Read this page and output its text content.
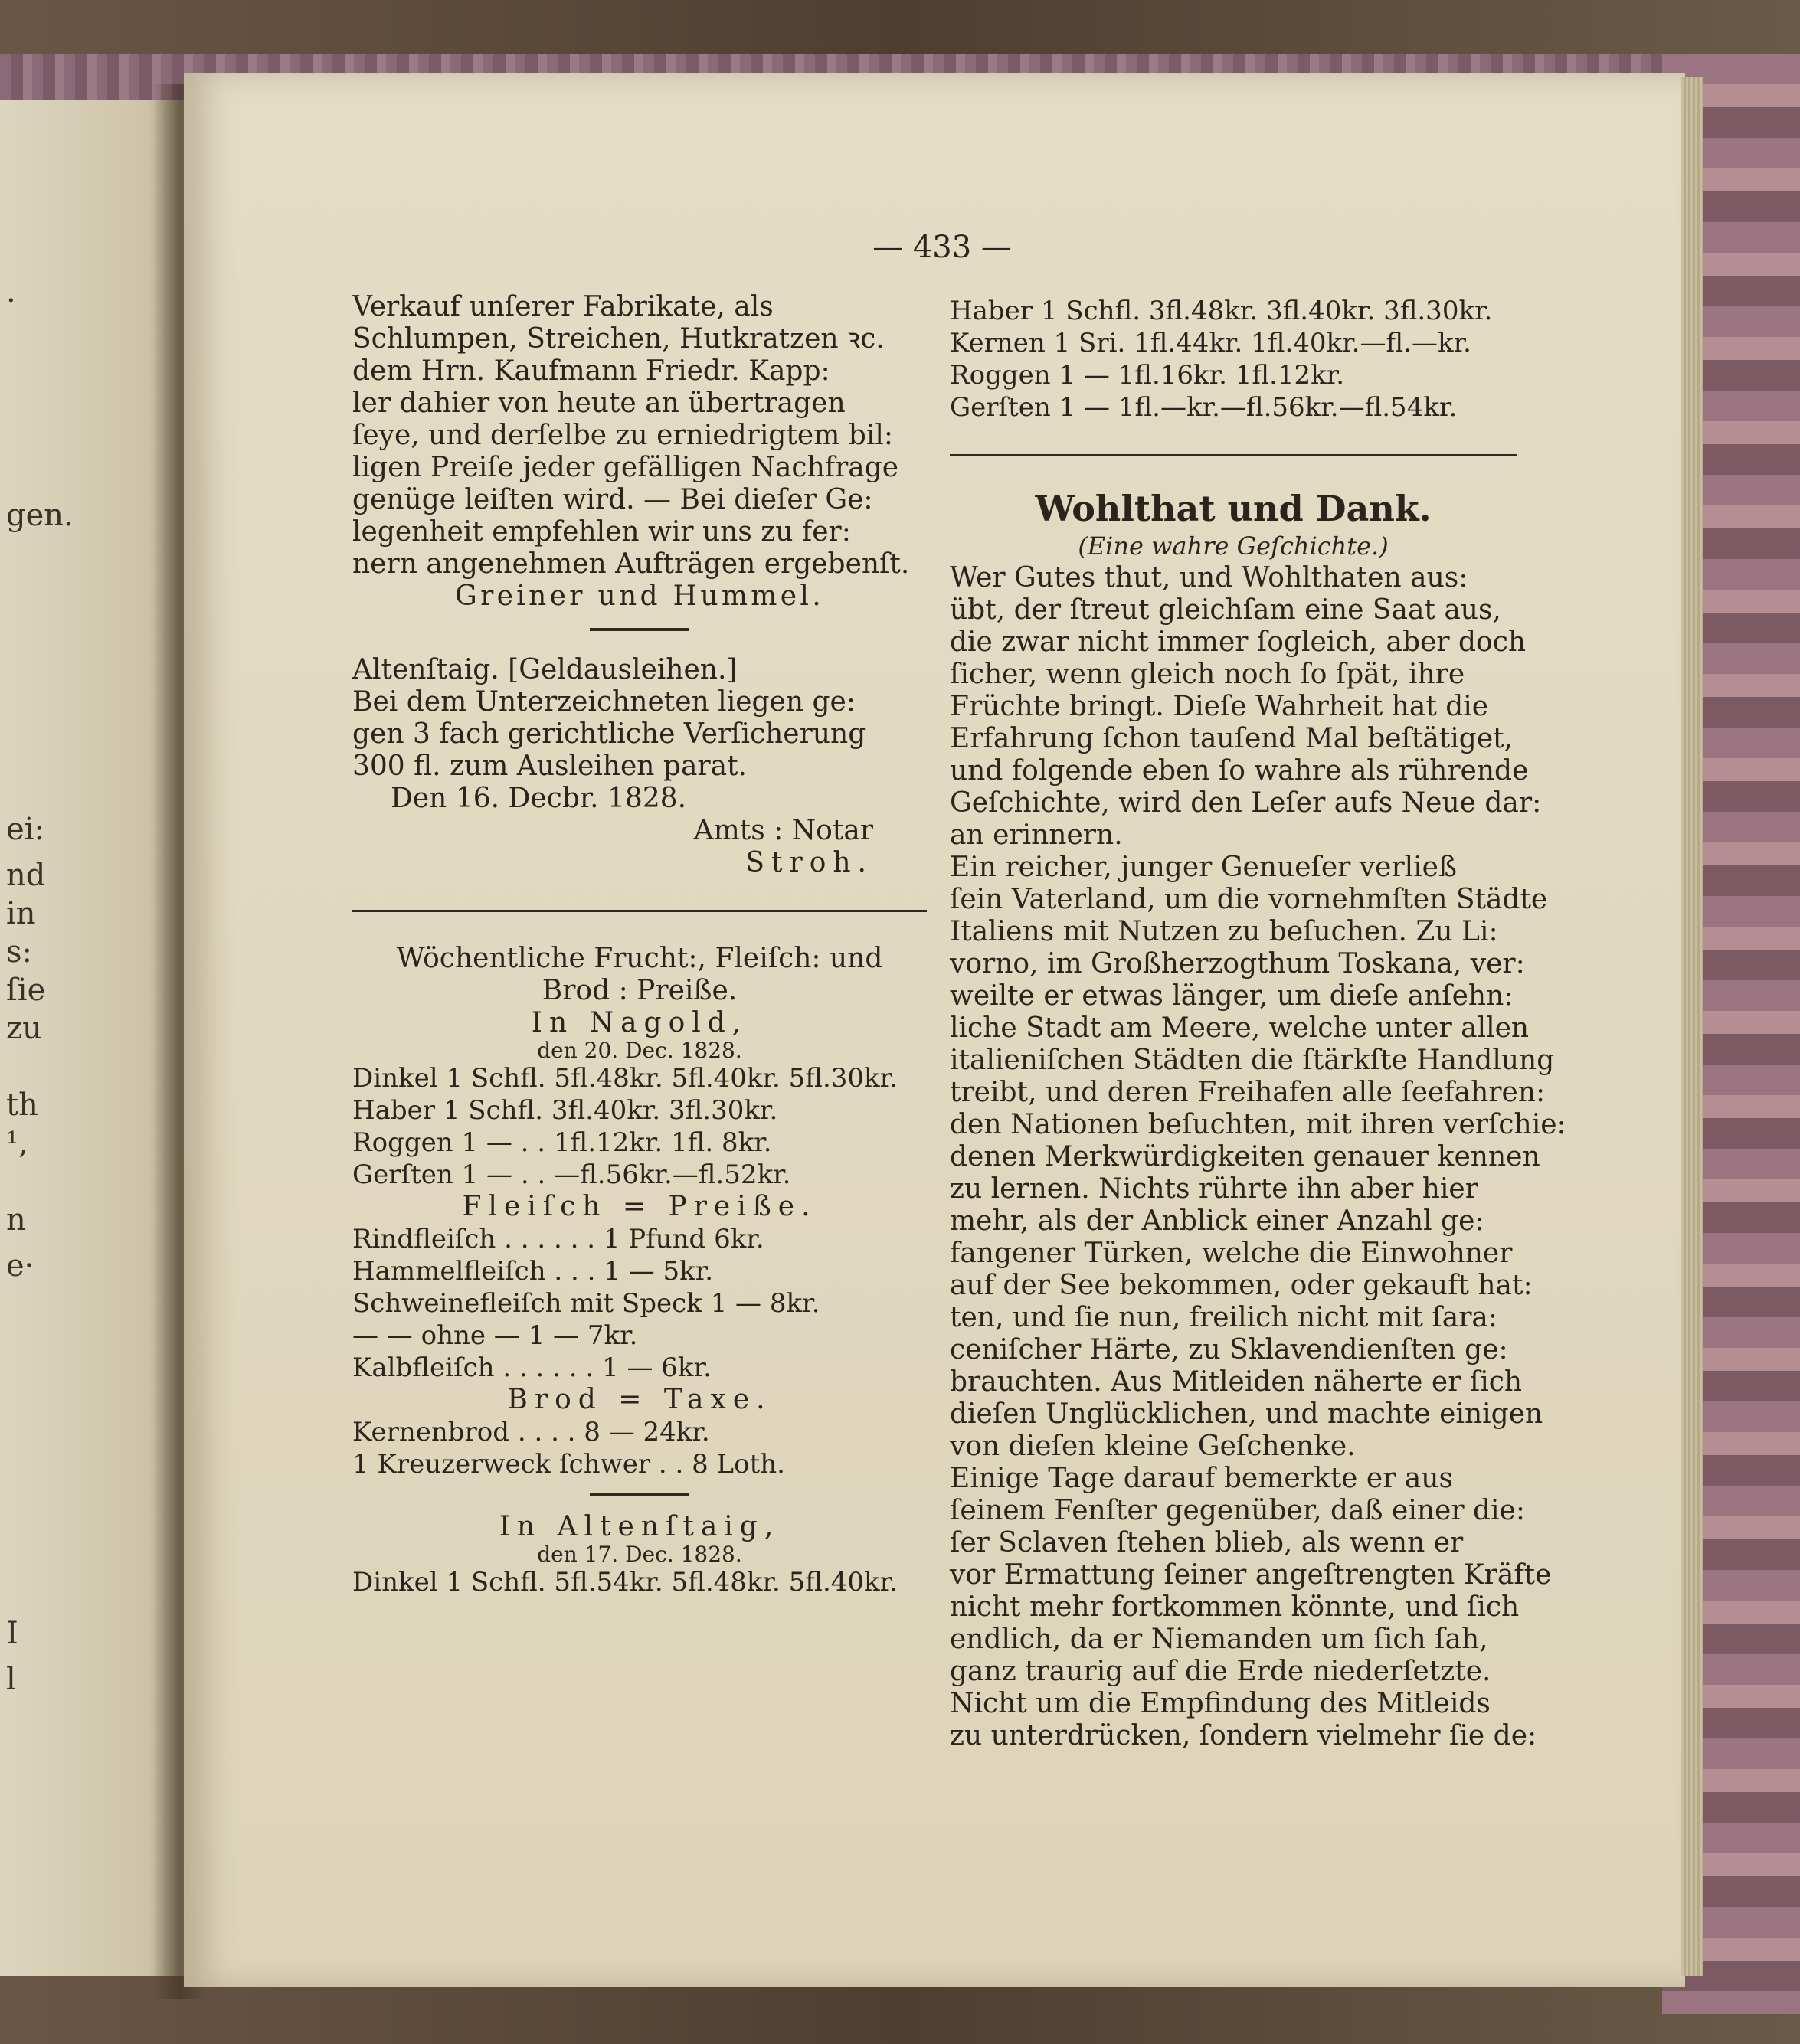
·
gen.
ei:
nd
in
s:
ſie
zu
th
¹,
n
e·
I
l
— 433 —

Verkauf unſerer Fabrikate, als

Schlumpen, Streichen, Hutkratzen ꝛc.

dem Hrn. Kaufmann Friedr. Kapp:

ler dahier von heute an übertragen

ſeye, und derſelbe zu erniedrigtem bil:

ligen Preiſe jeder gefälligen Nachfrage

genüge leiſten wird. — Bei dieſer Ge:

legenheit empfehlen wir uns zu fer:

nern angenehmen Aufträgen ergebenſt.

Greiner und Hummel.

Altenſtaig. [Geldausleihen.]

Bei dem Unterzeichneten liegen ge:

gen 3 fach gerichtliche Verſicherung

300 fl. zum Ausleihen parat.

Den 16. Decbr. 1828.

Amts : Notar

Stroh.

Wöchentliche Frucht:, Fleiſch: und

Brod : Preiße.

In Nagold,

den 20. Dec. 1828.

Dinkel 1 Schfl. 5fl.48kr. 5fl.40kr. 5fl.30kr.

Haber 1 Schfl. 3fl.40kr. 3fl.30kr.

Roggen 1 — . . 1fl.12kr. 1fl. 8kr.

Gerſten 1 — . . —fl.56kr.—fl.52kr.

Fleiſch = Preiße.

Rindfleiſch . . . . . . 1 Pfund 6kr.

Hammelfleiſch . . . 1 — 5kr.

Schweinefleiſch mit Speck 1 — 8kr.

— — ohne — 1 — 7kr.

Kalbfleiſch . . . . . . 1 — 6kr.

Brod = Taxe.

Kernenbrod . . . . 8 — 24kr.

1 Kreuzerweck ſchwer . . 8 Loth.

In Altenſtaig,

den 17. Dec. 1828.

Dinkel 1 Schfl. 5fl.54kr. 5fl.48kr. 5fl.40kr.

Haber 1 Schfl. 3fl.48kr. 3fl.40kr. 3fl.30kr.

Kernen 1 Sri. 1fl.44kr. 1fl.40kr.—fl.—kr.

Roggen 1 — 1fl.16kr. 1fl.12kr.

Gerſten 1 — 1fl.—kr.—fl.56kr.—fl.54kr.

Wohlthat und Dank.

(Eine wahre Geſchichte.)

Wer Gutes thut, und Wohlthaten aus:

übt, der ſtreut gleichſam eine Saat aus,

die zwar nicht immer ſogleich, aber doch

ſicher, wenn gleich noch ſo ſpät, ihre

Früchte bringt. Dieſe Wahrheit hat die

Erfahrung ſchon tauſend Mal beſtätiget,

und folgende eben ſo wahre als rührende

Geſchichte, wird den Leſer aufs Neue dar:

an erinnern.

Ein reicher, junger Genueſer verließ

ſein Vaterland, um die vornehmſten Städte

Italiens mit Nutzen zu beſuchen. Zu Li:

vorno, im Großherzogthum Toskana, ver:

weilte er etwas länger, um dieſe anſehn:

liche Stadt am Meere, welche unter allen

italieniſchen Städten die ſtärkſte Handlung

treibt, und deren Freihafen alle ſeefahren:

den Nationen beſuchten, mit ihren verſchie:

denen Merkwürdigkeiten genauer kennen

zu lernen. Nichts rührte ihn aber hier

mehr, als der Anblick einer Anzahl ge:

fangener Türken, welche die Einwohner

auf der See bekommen, oder gekauft hat:

ten, und ſie nun, freilich nicht mit ſara:

ceniſcher Härte, zu Sklavendienſten ge:

brauchten. Aus Mitleiden näherte er ſich

dieſen Unglücklichen, und machte einigen

von dieſen kleine Geſchenke.

Einige Tage darauf bemerkte er aus

ſeinem Fenſter gegenüber, daß einer die:

ſer Sclaven ſtehen blieb, als wenn er

vor Ermattung ſeiner angeſtrengten Kräfte

nicht mehr fortkommen könnte, und ſich

endlich, da er Niemanden um ſich ſah,

ganz traurig auf die Erde niederſetzte.

Nicht um die Empfindung des Mitleids

zu unterdrücken, ſondern vielmehr ſie de:
